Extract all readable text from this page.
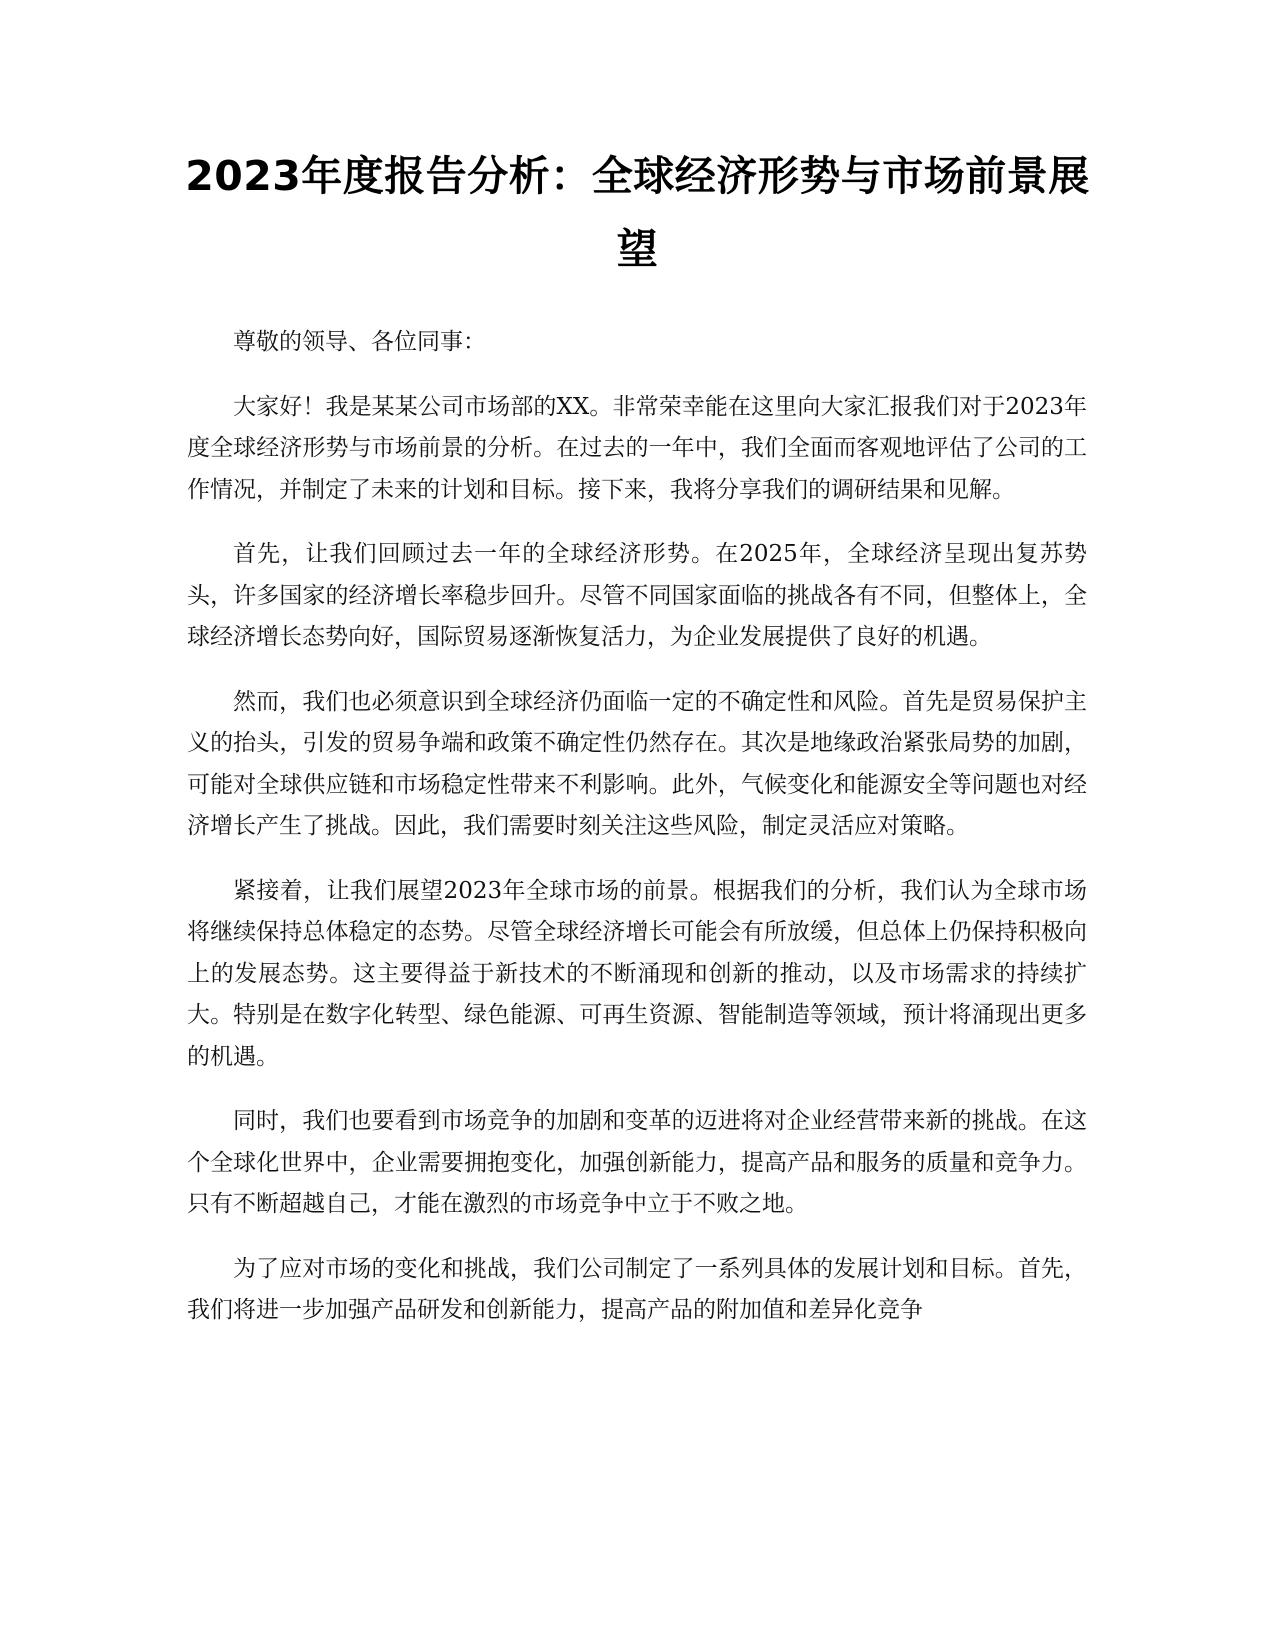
2023年度报告分析：全球经济形势与市场前景展望

尊敬的领导、各位同事：

大家好！我是某某公司市场部的XX。非常荣幸能在这里向大家汇报我们对于2023年度全球经济形势与市场前景的分析。在过去的一年中，我们全面而客观地评估了公司的工作情况，并制定了未来的计划和目标。接下来，我将分享我们的调研结果和见解。

首先，让我们回顾过去一年的全球经济形势。在2025年，全球经济呈现出复苏势头，许多国家的经济增长率稳步回升。尽管不同国家面临的挑战各有不同，但整体上，全球经济增长态势向好，国际贸易逐渐恢复活力，为企业发展提供了良好的机遇。

然而，我们也必须意识到全球经济仍面临一定的不确定性和风险。首先是贸易保护主义的抬头，引发的贸易争端和政策不确定性仍然存在。其次是地缘政治紧张局势的加剧，可能对全球供应链和市场稳定性带来不利影响。此外，气候变化和能源安全等问题也对经济增长产生了挑战。因此，我们需要时刻关注这些风险，制定灵活应对策略。

紧接着，让我们展望2023年全球市场的前景。根据我们的分析，我们认为全球市场将继续保持总体稳定的态势。尽管全球经济增长可能会有所放缓，但总体上仍保持积极向上的发展态势。这主要得益于新技术的不断涌现和创新的推动，以及市场需求的持续扩大。特别是在数字化转型、绿色能源、可再生资源、智能制造等领域，预计将涌现出更多的机遇。

同时，我们也要看到市场竞争的加剧和变革的迈进将对企业经营带来新的挑战。在这个全球化世界中，企业需要拥抱变化，加强创新能力，提高产品和服务的质量和竞争力。只有不断超越自己，才能在激烈的市场竞争中立于不败之地。

为了应对市场的变化和挑战，我们公司制定了一系列具体的发展计划和目标。首先，我们将进一步加强产品研发和创新能力，提高产品的附加值和差异化竞争
